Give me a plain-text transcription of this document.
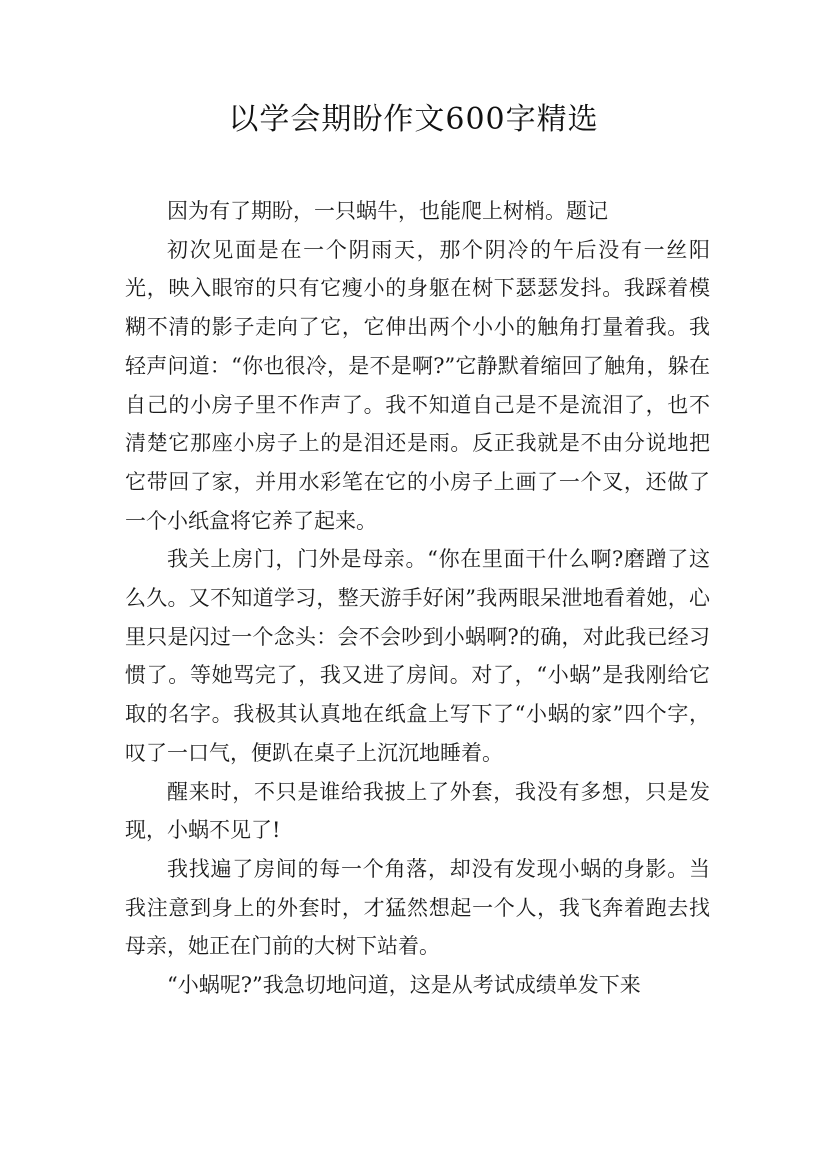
以学会期盼作文600字精选

因为有了期盼，一只蜗牛，也能爬上树梢。题记

初次见面是在一个阴雨天，那个阴冷的午后没有一丝阳光，映入眼帘的只有它瘦小的身躯在树下瑟瑟发抖。我踩着模糊不清的影子走向了它，它伸出两个小小的触角打量着我。我轻声问道：“你也很冷，是不是啊?”它静默着缩回了触角，躲在自己的小房子里不作声了。我不知道自己是不是流泪了，也不清楚它那座小房子上的是泪还是雨。反正我就是不由分说地把它带回了家，并用水彩笔在它的小房子上画了一个叉，还做了一个小纸盒将它养了起来。

我关上房门，门外是母亲。“你在里面干什么啊?磨蹭了这么久。又不知道学习，整天游手好闲”我两眼呆泄地看着她，心里只是闪过一个念头：会不会吵到小蜗啊?的确，对此我已经习惯了。等她骂完了，我又进了房间。对了，“小蜗”是我刚给它取的名字。我极其认真地在纸盒上写下了“小蜗的家”四个字，叹了一口气，便趴在桌子上沉沉地睡着。

醒来时，不只是谁给我披上了外套，我没有多想，只是发现，小蜗不见了!

我找遍了房间的每一个角落，却没有发现小蜗的身影。当我注意到身上的外套时，才猛然想起一个人，我飞奔着跑去找母亲，她正在门前的大树下站着。

“小蜗呢?”我急切地问道，这是从考试成绩单发下来
